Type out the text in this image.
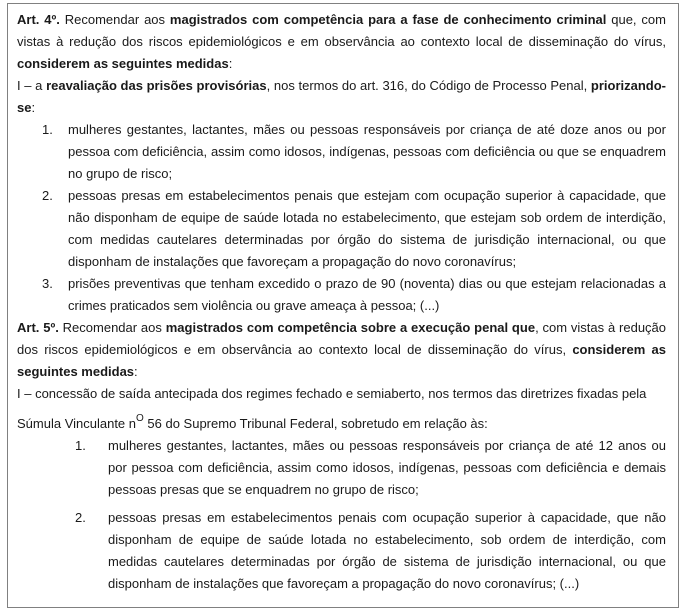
Art. 4º. Recomendar aos magistrados com competência para a fase de conhecimento criminal que, com vistas à redução dos riscos epidemiológicos e em observância ao contexto local de disseminação do vírus, considerem as seguintes medidas:

I – a reavaliação das prisões provisórias, nos termos do art. 316, do Código de Processo Penal, priorizando-se:

1. mulheres gestantes, lactantes, mães ou pessoas responsáveis por criança de até doze anos ou por pessoa com deficiência, assim como idosos, indígenas, pessoas com deficiência ou que se enquadrem no grupo de risco;
2. pessoas presas em estabelecimentos penais que estejam com ocupação superior à capacidade, que não disponham de equipe de saúde lotada no estabelecimento, que estejam sob ordem de interdição, com medidas cautelares determinadas por órgão do sistema de jurisdição internacional, ou que disponham de instalações que favoreçam a propagação do novo coronavírus;
3. prisões preventivas que tenham excedido o prazo de 90 (noventa) dias ou que estejam relacionadas a crimes praticados sem violência ou grave ameaça à pessoa; (...)

Art. 5º. Recomendar aos magistrados com competência sobre a execução penal que, com vistas à redução dos riscos epidemiológicos e em observância ao contexto local de disseminação do vírus, considerem as seguintes medidas:

I – concessão de saída antecipada dos regimes fechado e semiaberto, nos termos das diretrizes fixadas pela

Súmula Vinculante $n^O$ 56 do Supremo Tribunal Federal, sobretudo em relação às:

1. mulheres gestantes, lactantes, mães ou pessoas responsáveis por criança de até 12 anos ou por pessoa com deficiência, assim como idosos, indígenas, pessoas com deficiência e demais pessoas presas que se enquadrem no grupo de risco;
2. pessoas presas em estabelecimentos penais com ocupação superior à capacidade, que não disponham de equipe de saúde lotada no estabelecimento, sob ordem de interdição, com medidas cautelares determinadas por órgão de sistema de jurisdição internacional, ou que disponham de instalações que favoreçam a propagação do novo coronavírus; (...)
